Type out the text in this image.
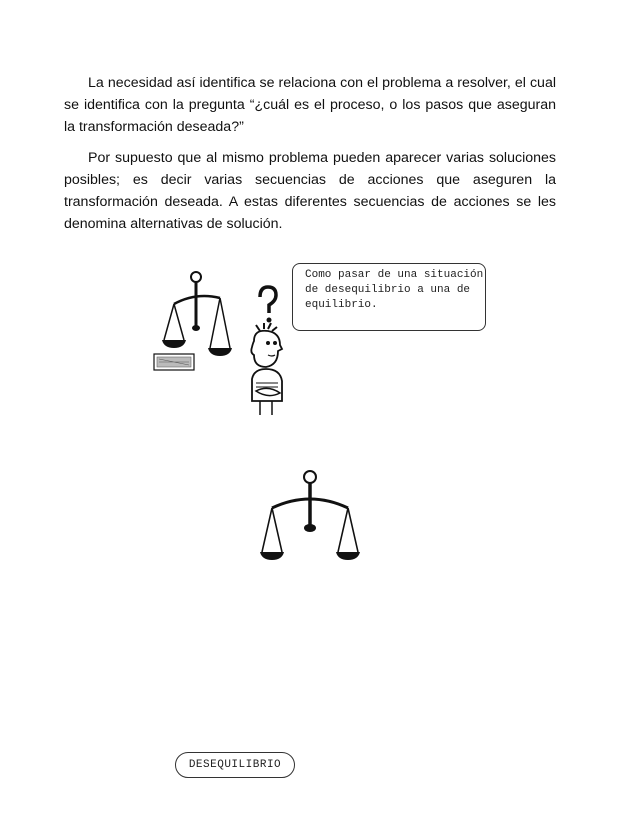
La necesidad así identifica se relaciona con el problema a resolver, el cual se identifica con la pregunta “¿cuál es el proceso, o los pasos que aseguran la transformación deseada?”

Por supuesto que al mismo problema pueden aparecer varias soluciones posibles; es decir varias secuencias de acciones que aseguren la transformación deseada. A estas diferentes secuencias de acciones se les denomina alternativas de solución.

Como pasar de una situación de desequilibrio a una de equilibrio.
DESEQUILIBRIO
